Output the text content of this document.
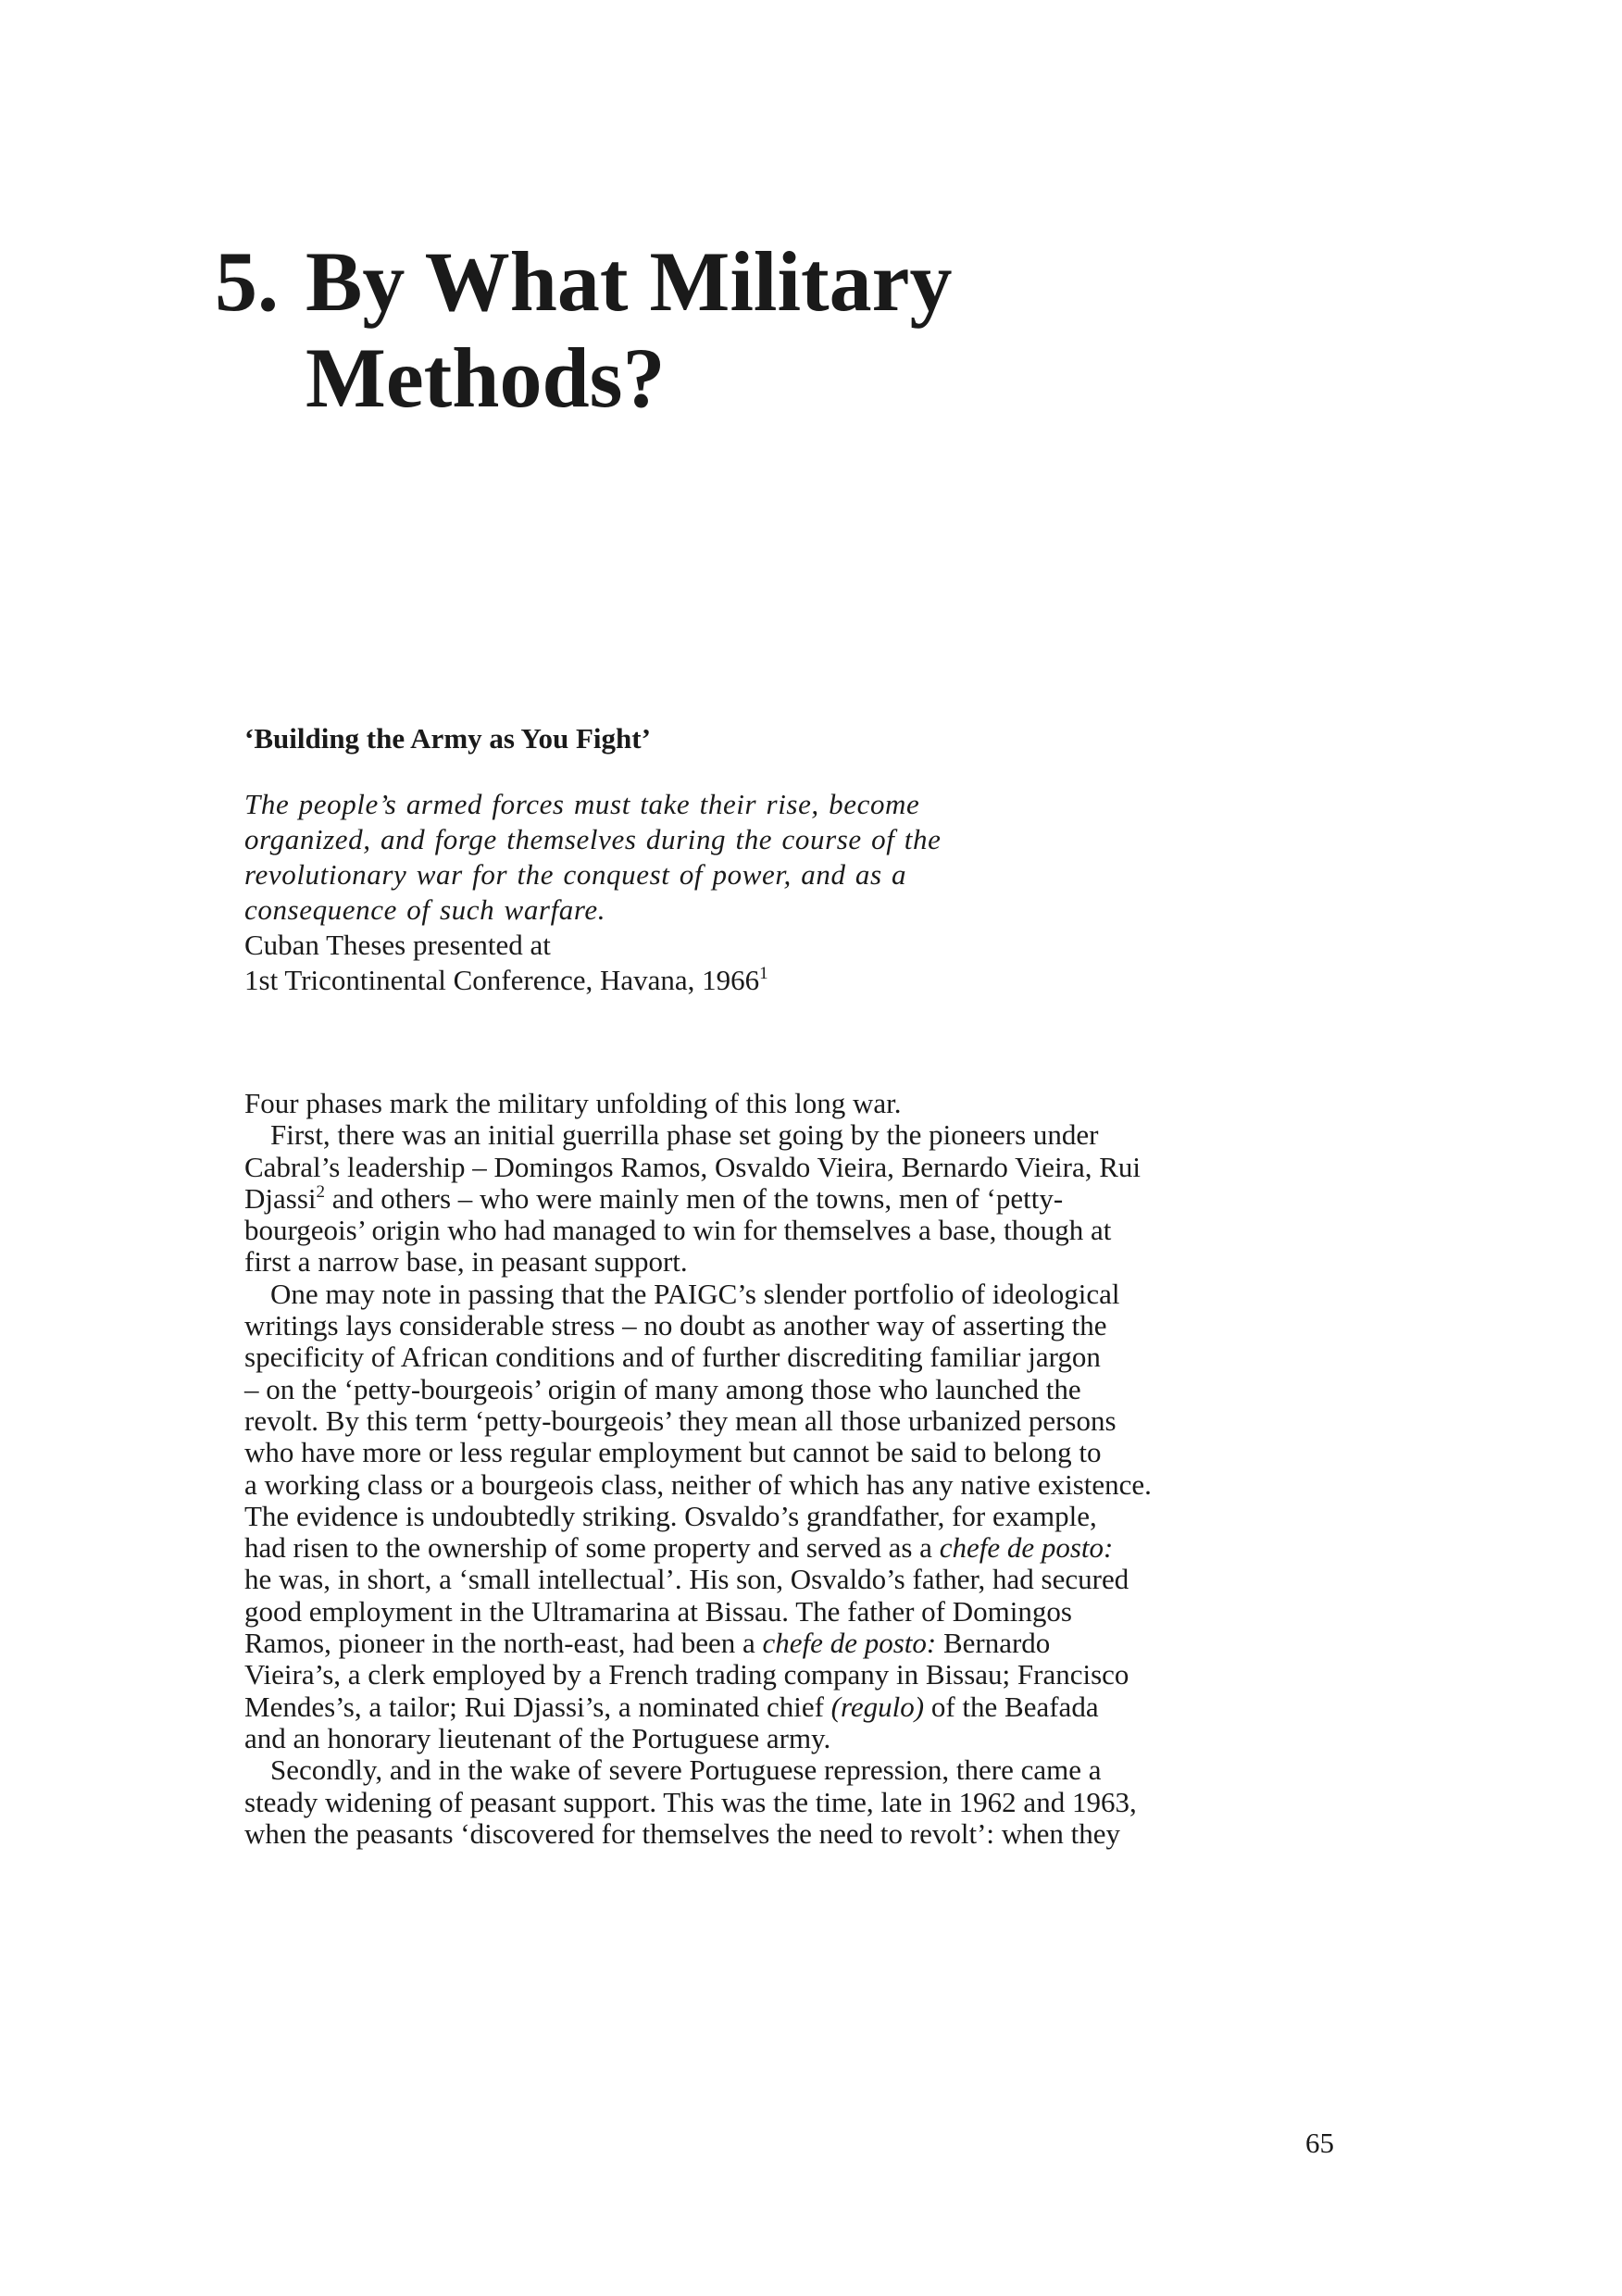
5. By What Military
Methods?
‘Building the Army as You Fight’
The people’s armed forces must take their rise, become
organized, and forge themselves during the course of the
revolutionary war for the conquest of power, and as a
consequence of such warfare.
Cuban Theses presented at
1st Tricontinental Conference, Havana, 1966$^1$
Four phases mark the military unfolding of this long war.
First, there was an initial guerrilla phase set going by the pioneers under
Cabral’s leadership – Domingos Ramos, Osvaldo Vieira, Bernardo Vieira, Rui
Djassi$^2$ and others – who were mainly men of the towns, men of ‘petty-
bourgeois’ origin who had managed to win for themselves a base, though at
first a narrow base, in peasant support.
One may note in passing that the PAIGC’s slender portfolio of ideological
writings lays considerable stress – no doubt as another way of asserting the
specificity of African conditions and of further discrediting familiar jargon
– on the ‘petty-bourgeois’ origin of many among those who launched the
revolt. By this term ‘petty-bourgeois’ they mean all those urbanized persons
who have more or less regular employment but cannot be said to belong to
a working class or a bourgeois class, neither of which has any native existence.
The evidence is undoubtedly striking. Osvaldo’s grandfather, for example,
had risen to the ownership of some property and served as a chefe de posto:
he was, in short, a ‘small intellectual’. His son, Osvaldo’s father, had secured
good employment in the Ultramarina at Bissau. The father of Domingos
Ramos, pioneer in the north-east, had been a chefe de posto: Bernardo
Vieira’s, a clerk employed by a French trading company in Bissau; Francisco
Mendes’s, a tailor; Rui Djassi’s, a nominated chief (regulo) of the Beafada
and an honorary lieutenant of the Portuguese army.
Secondly, and in the wake of severe Portuguese repression, there came a
steady widening of peasant support. This was the time, late in 1962 and 1963,
when the peasants ‘discovered for themselves the need to revolt’: when they
65
